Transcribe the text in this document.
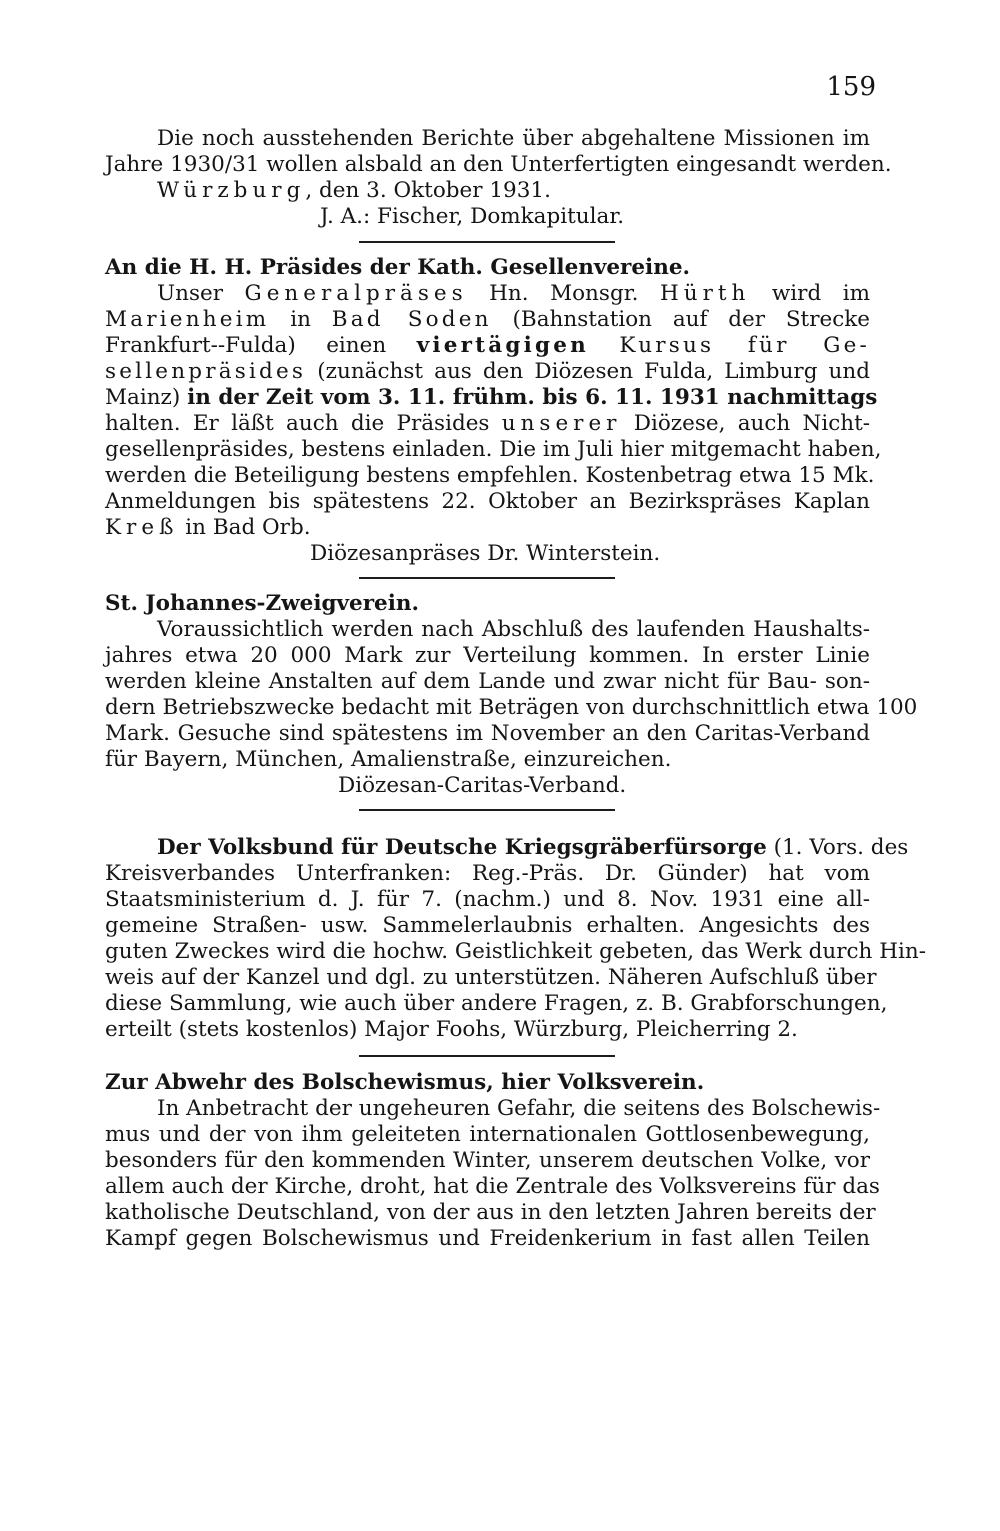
159
Die noch ausstehenden Berichte über abgehaltene Missionen im
Jahre 1930/31 wollen alsbald an den Unterfertigten eingesandt werden.
Würzburg, den 3. Oktober 1931.
J. A.: Fischer, Domkapitular.
An die H. H. Präsides der Kath. Gesellenvereine.
Unser Generalpräses Hn. Monsgr. Hürth wird im
Marienheim in Bad Soden (Bahnstation auf der Strecke
Frankfurt--Fulda) einen viertägigen Kursus für Ge-
sellenpräsides (zunächst aus den Diözesen Fulda, Limburg und
Mainz) in der Zeit vom 3. 11. frühm. bis 6. 11. 1931 nachmittags
halten. Er läßt auch die Präsides unserer Diözese, auch Nicht-
gesellenpräsides, bestens einladen. Die im Juli hier mitgemacht haben,
werden die Beteiligung bestens empfehlen. Kostenbetrag etwa 15 Mk.
Anmeldungen bis spätestens 22. Oktober an Bezirkspräses Kaplan
Kreß in Bad Orb.
Diözesanpräses Dr. Winterstein.
St. Johannes-Zweigverein.
Voraussichtlich werden nach Abschluß des laufenden Haushalts-
jahres etwa 20 000 Mark zur Verteilung kommen. In erster Linie
werden kleine Anstalten auf dem Lande und zwar nicht für Bau- son-
dern Betriebszwecke bedacht mit Beträgen von durchschnittlich etwa 100
Mark. Gesuche sind spätestens im November an den Caritas-Verband
für Bayern, München, Amalienstraße, einzureichen.
Diözesan-Caritas-Verband.
Der Volksbund für Deutsche Kriegsgräberfürsorge (1. Vors. des
Kreisverbandes Unterfranken: Reg.-Präs. Dr. Günder) hat vom
Staatsministerium d. J. für 7. (nachm.) und 8. Nov. 1931 eine all-
gemeine Straßen- usw. Sammelerlaubnis erhalten. Angesichts des
guten Zweckes wird die hochw. Geistlichkeit gebeten, das Werk durch Hin-
weis auf der Kanzel und dgl. zu unterstützen. Näheren Aufschluß über
diese Sammlung, wie auch über andere Fragen, z. B. Grabforschungen,
erteilt (stets kostenlos) Major Foohs, Würzburg, Pleicherring 2.
Zur Abwehr des Bolschewismus, hier Volksverein.
In Anbetracht der ungeheuren Gefahr, die seitens des Bolschewis-
mus und der von ihm geleiteten internationalen Gottlosenbewegung,
besonders für den kommenden Winter, unserem deutschen Volke, vor
allem auch der Kirche, droht, hat die Zentrale des Volksvereins für das
katholische Deutschland, von der aus in den letzten Jahren bereits der
Kampf gegen Bolschewismus und Freidenkerium in fast allen Teilen
